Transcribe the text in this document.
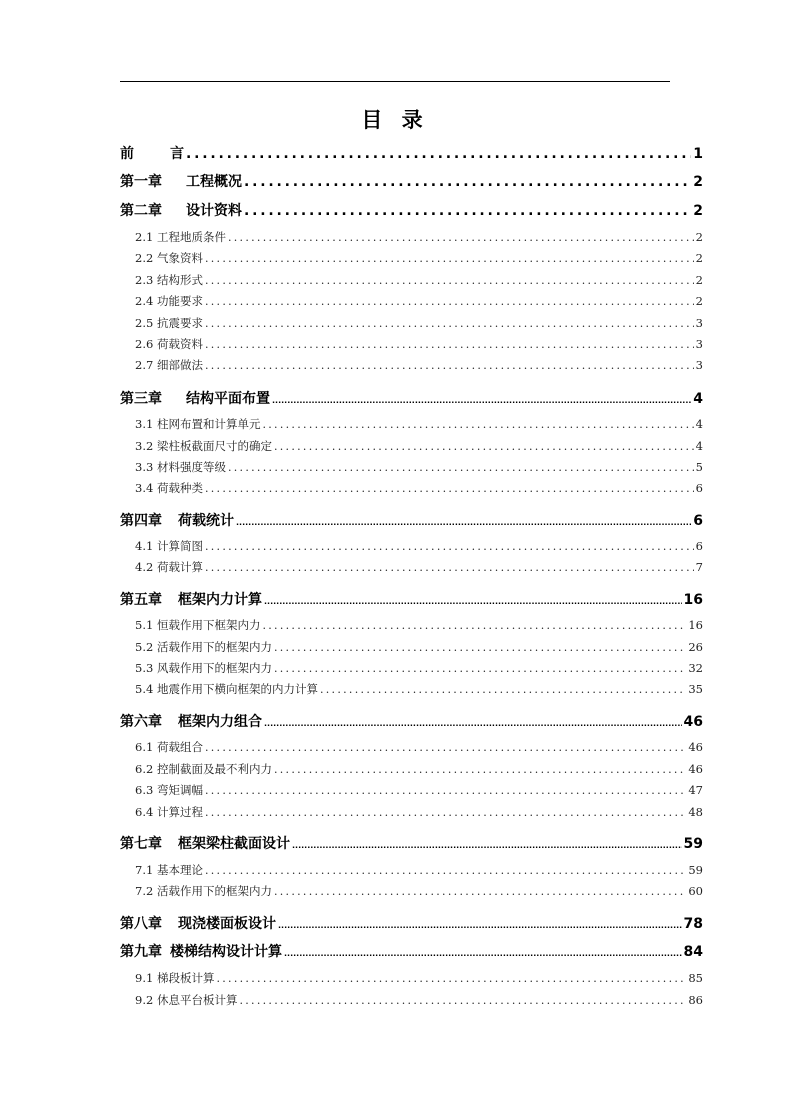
目 录
前	言 .....	1
第一章 工程概况 .....	2
第二章 设计资料 .....	2
2.1 工程地质条件 .....	2
2.2 气象资料 .....	2
2.3 结构形式 .....	2
2.4 功能要求 .....	2
2.5 抗震要求 .....	3
2.6 荷载资料 .....	3
2.7 细部做法 .....	3
第三章 结构平面布置 .....	4
3.1 柱网布置和计算单元 .....	4
3.2 梁柱板截面尺寸的确定 .....	4
3.3 材料强度等级 .....	5
3.4 荷载种类 .....	6
第四章 荷载统计 .....	6
4.1 计算简图 .....	6
4.2 荷载计算 .....	7
第五章 框架内力计算 .....	16
5.1 恒载作用下框架内力 .....	16
5.2 活载作用下的框架内力 .....	26
5.3 风载作用下的框架内力 .....	32
5.4 地震作用下横向框架的内力计算 .....	35
第六章 框架内力组合 .....	46
6.1 荷载组合 .....	46
6.2 控制截面及最不利内力 .....	46
6.3 弯矩调幅 .....	47
6.4 计算过程 .....	48
第七章 框架梁柱截面设计 .....	59
7.1 基本理论 .....	59
7.2 活载作用下的框架内力 .....	60
第八章 现浇楼面板设计 .....	78
第九章 楼梯结构设计计算 .....	84
9.1 梯段板计算 .....	85
9.2 休息平台板计算 .....	86
